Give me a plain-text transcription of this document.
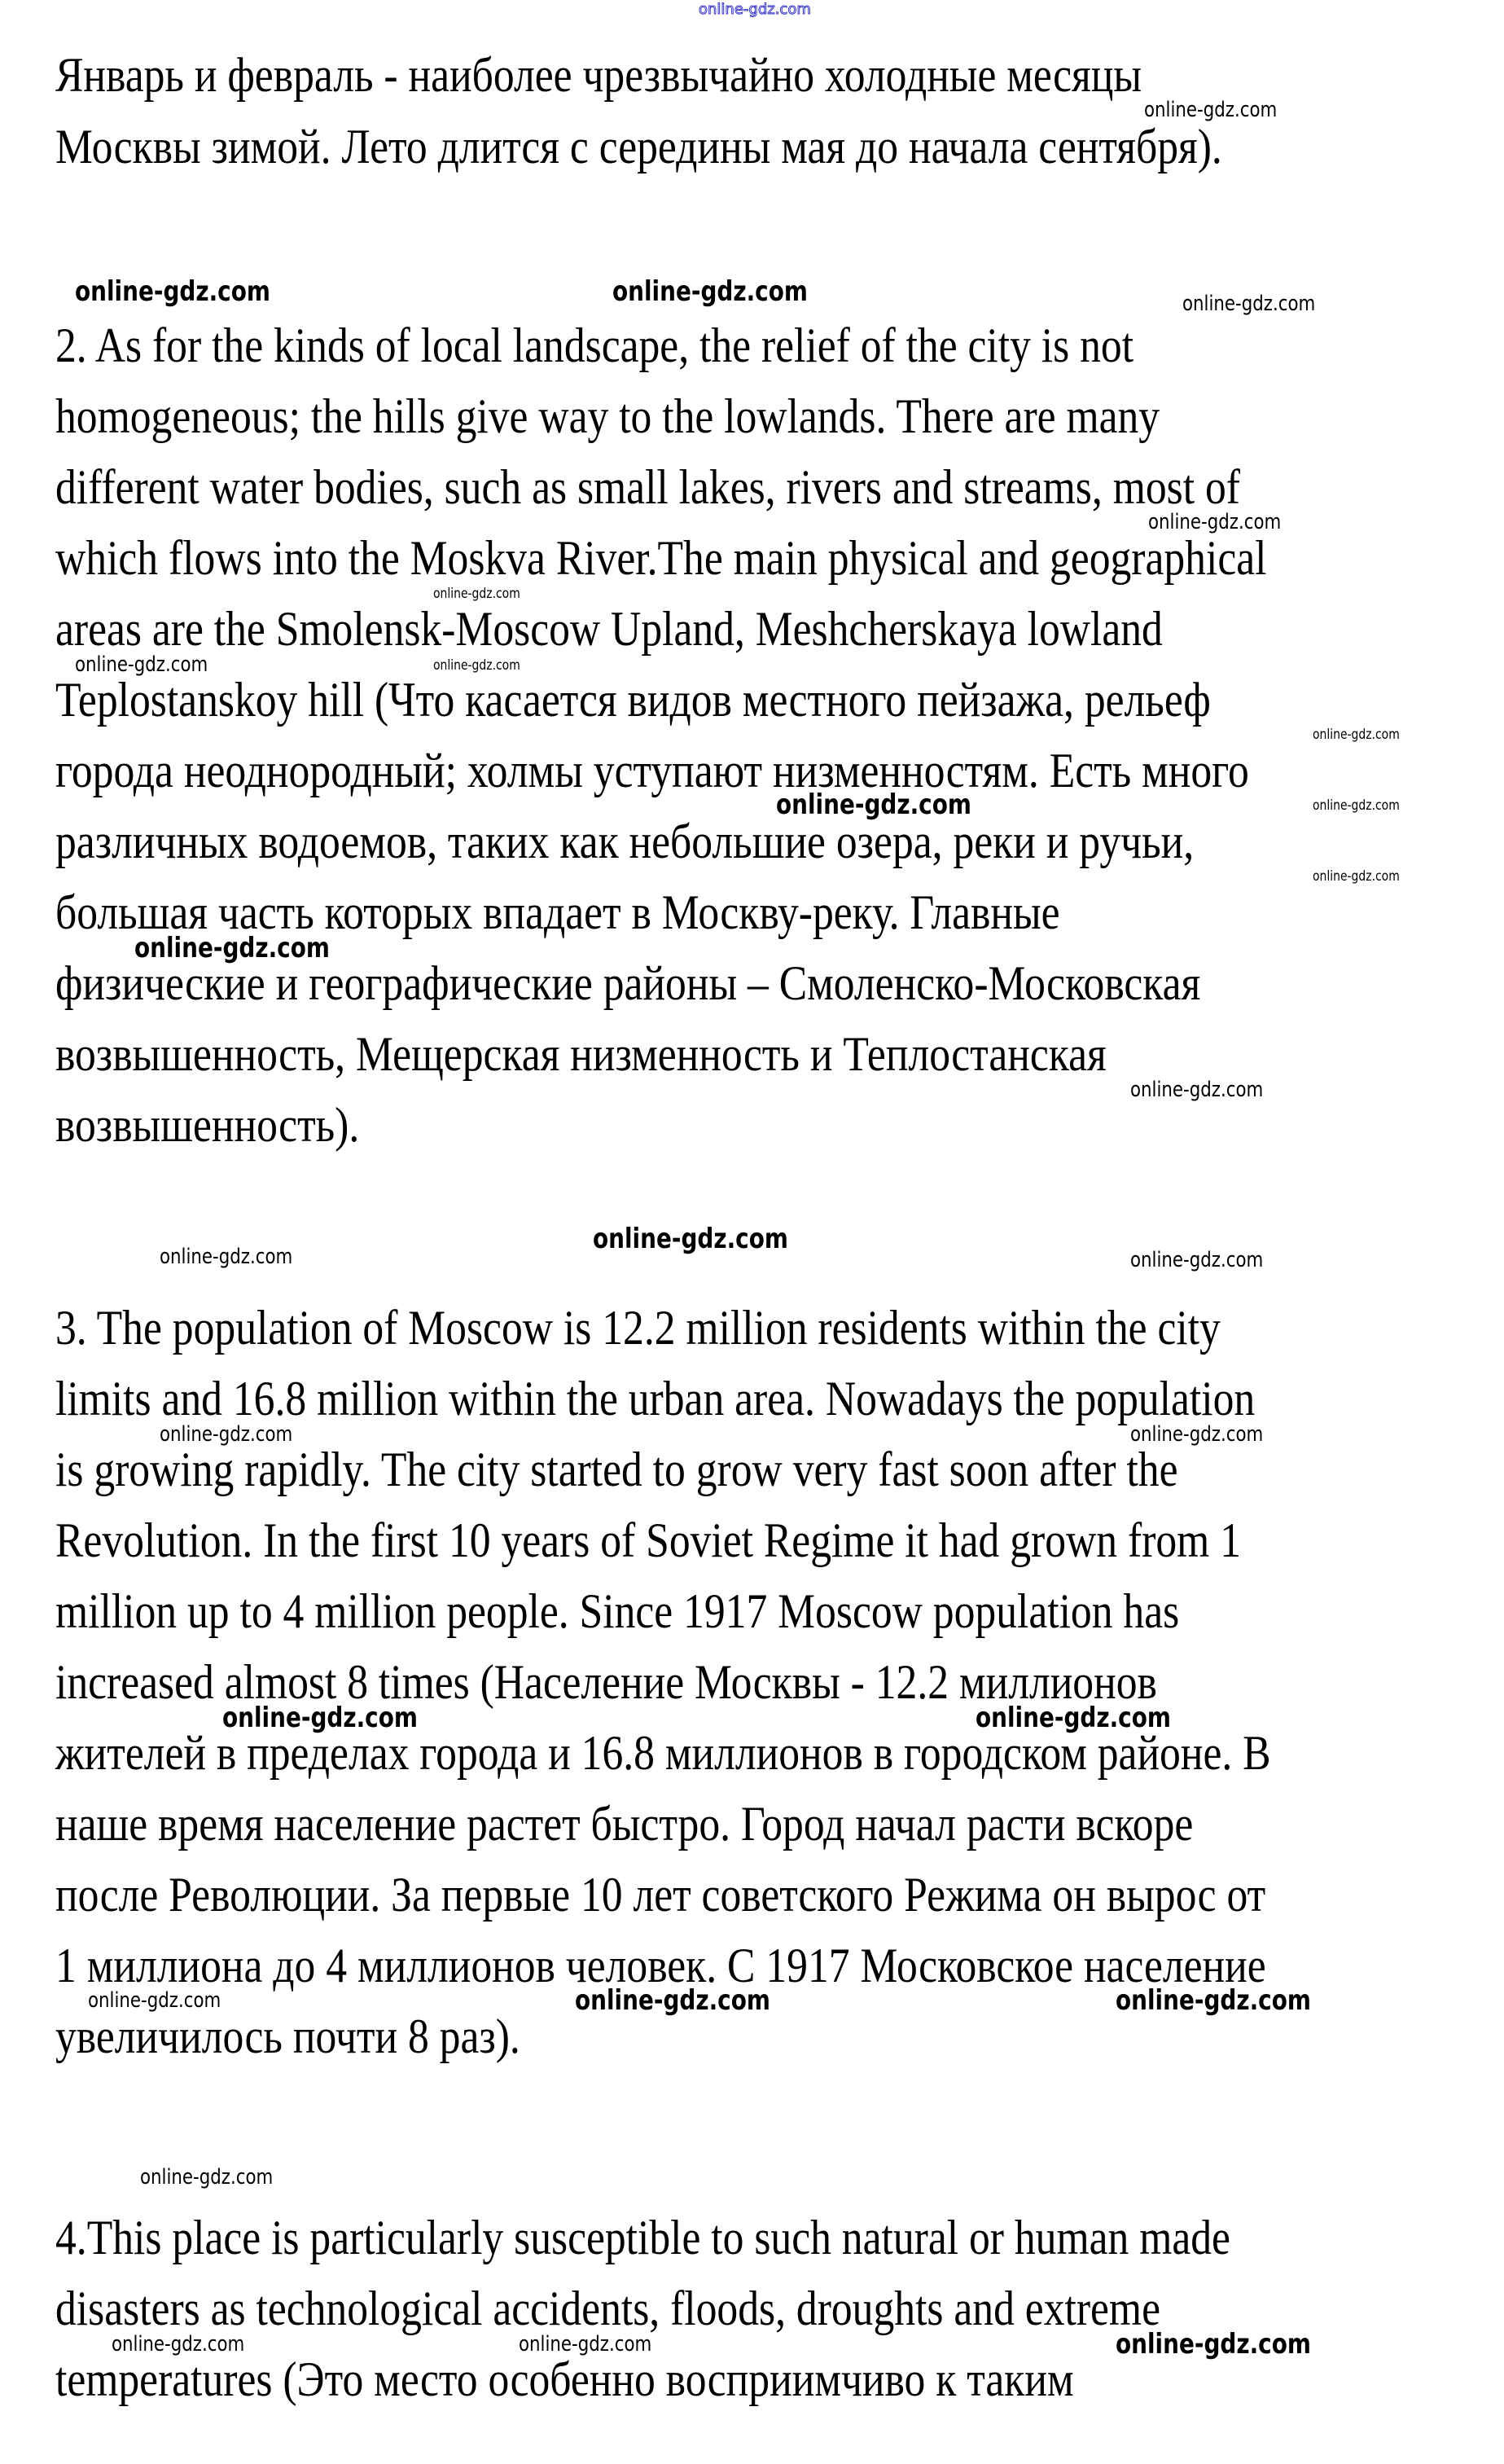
online-gdz.com
Январь и февраль - наиболее чрезвычайно холодные месяцы
Москвы зимой. Лето длится с середины мая до начала сентября).
online-gdz.com
online-gdz.com	online-gdz.com	online-gdz.com
2. As for the kinds of local landscape, the relief of the city is not
homogeneous; the hills give way to the lowlands. There are many
different water bodies, such as small lakes, rivers and streams, most of
which flows into the Moskva River.The main physical and geographical
areas are the Smolensk-Moscow Upland, Meshcherskaya lowland
Teplostanskoy hill (Что касается видов местного пейзажа, рельеф
города неоднородный; холмы уступают низменностям. Есть много
различных водоемов, таких как небольшие озера, реки и ручьи,
большая часть которых впадает в Москву-реку. Главные
физические и географические районы – Смоленско-Московская
возвышенность, Мещерская низменность и Теплостанская
возвышенность).
online-gdz.com
online-gdz.com
online-gdz.com	online-gdz.com
online-gdz.com
online-gdz.com	online-gdz.com
online-gdz.com
online-gdz.com
online-gdz.com
online-gdz.com
online-gdz.com
online-gdz.com
3. The population of Moscow is 12.2 million residents within the city
limits and 16.8 million within the urban area. Nowadays the population
is growing rapidly. The city started to grow very fast soon after the
Revolution. In the first 10 years of Soviet Regime it had grown from 1
million up to 4 million people. Since 1917 Moscow population has
increased almost 8 times (Население Москвы - 12.2 миллионов
жителей в пределах города и 16.8 миллионов в городском районе. В
наше время население растет быстро. Город начал расти вскоре
после Революции. За первые 10 лет советского Режима он вырос от
1 миллиона до 4 миллионов человек. С 1917 Московское население
увеличилось почти 8 раз).
online-gdz.com	online-gdz.com
online-gdz.com	online-gdz.com
online-gdz.com	online-gdz.com	online-gdz.com
online-gdz.com
4.This place is particularly susceptible to such natural or human made
disasters as technological accidents, floods, droughts and extreme
temperatures (Это место особенно восприимчиво к таким
online-gdz.com	online-gdz.com	online-gdz.com
